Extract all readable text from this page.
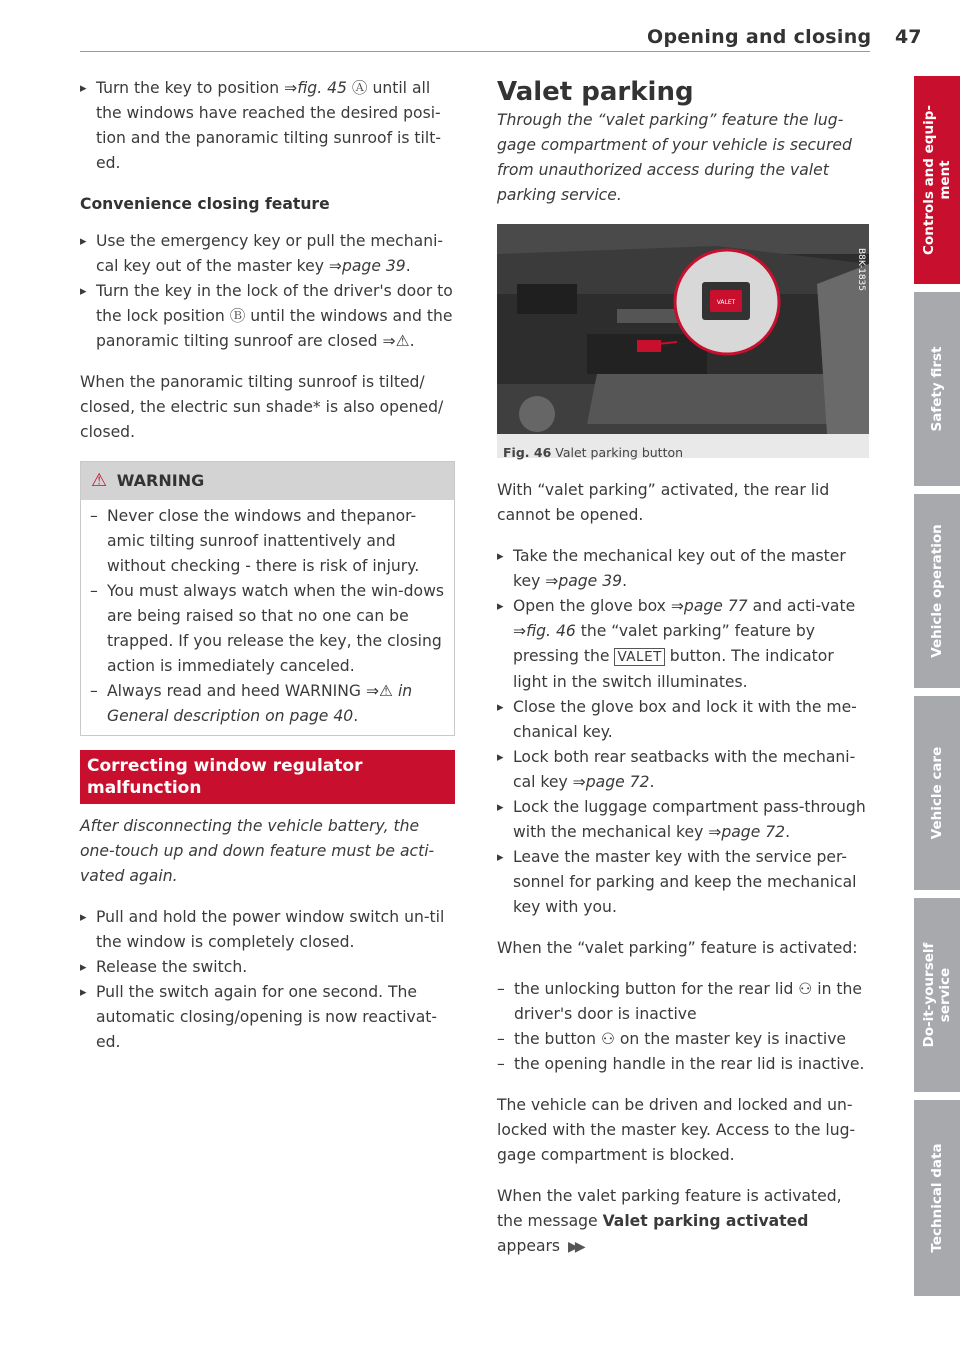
Opening and closing 47

▸ Turn the key to position ⇒fig. 45 Ⓐ until all the windows have reached the desired posi-tion and the panoramic tilting sunroof is tilt-ed.

Convenience closing feature

▸ Use the emergency key or pull the mechani-cal key out of the master key ⇒page 39.

▸ Turn the key in the lock of the driver's door to the lock position Ⓑ until the windows and the panoramic tilting sunroof are closed ⇒⚠.

When the panoramic tilting sunroof is tilted/ closed, the electric sun shade* is also opened/ closed.

⚠ WARNING

– Never close the windows and thepanor-amic tilting sunroof inattentively and without checking - there is risk of injury.

– You must always watch when the win-dows are being raised so that no one can be trapped. If you release the key, the closing action is immediately canceled.

– Always read and heed WARNING ⇒⚠ in General description on page 40.

Correcting window regulator malfunction

After disconnecting the vehicle battery, the one-touch up and down feature must be acti-vated again.

▸ Pull and hold the power window switch un-til the window is completely closed.

▸ Release the switch.

▸ Pull the switch again for one second. The automatic closing/opening is now reactivat-ed.

Valet parking

Through the “valet parking” feature the lug-gage compartment of your vehicle is secured from unauthorized access during the valet parking service.

VALET
B8K-1835
Fig. 46 Valet parking button

With “valet parking” activated, the rear lid cannot be opened.

▸ Take the mechanical key out of the master key ⇒page 39.

▸ Open the glove box ⇒page 77 and acti-vate ⇒fig. 46 the “valet parking” feature by pressing the VALET button. The indicator light in the switch illuminates.

▸ Close the glove box and lock it with the me-chanical key.

▸ Lock both rear seatbacks with the mechani-cal key ⇒page 72.

▸ Lock the luggage compartment pass-through with the mechanical key ⇒page 72.

▸ Leave the master key with the service per-sonnel for parking and keep the mechanical key with you.

When the “valet parking” feature is activated:

– the unlocking button for the rear lid ⚇ in the driver's door is inactive

– the button ⚇ on the master key is inactive

– the opening handle in the rear lid is inactive.

The vehicle can be driven and locked and un-locked with the master key. Access to the lug-gage compartment is blocked.

When the valet parking feature is activated, the message Valet parking activated appears ▶▶

Controls and equip-
ment
Safety first
Vehicle operation
Vehicle care
Do-it-yourself
service
Technical data
